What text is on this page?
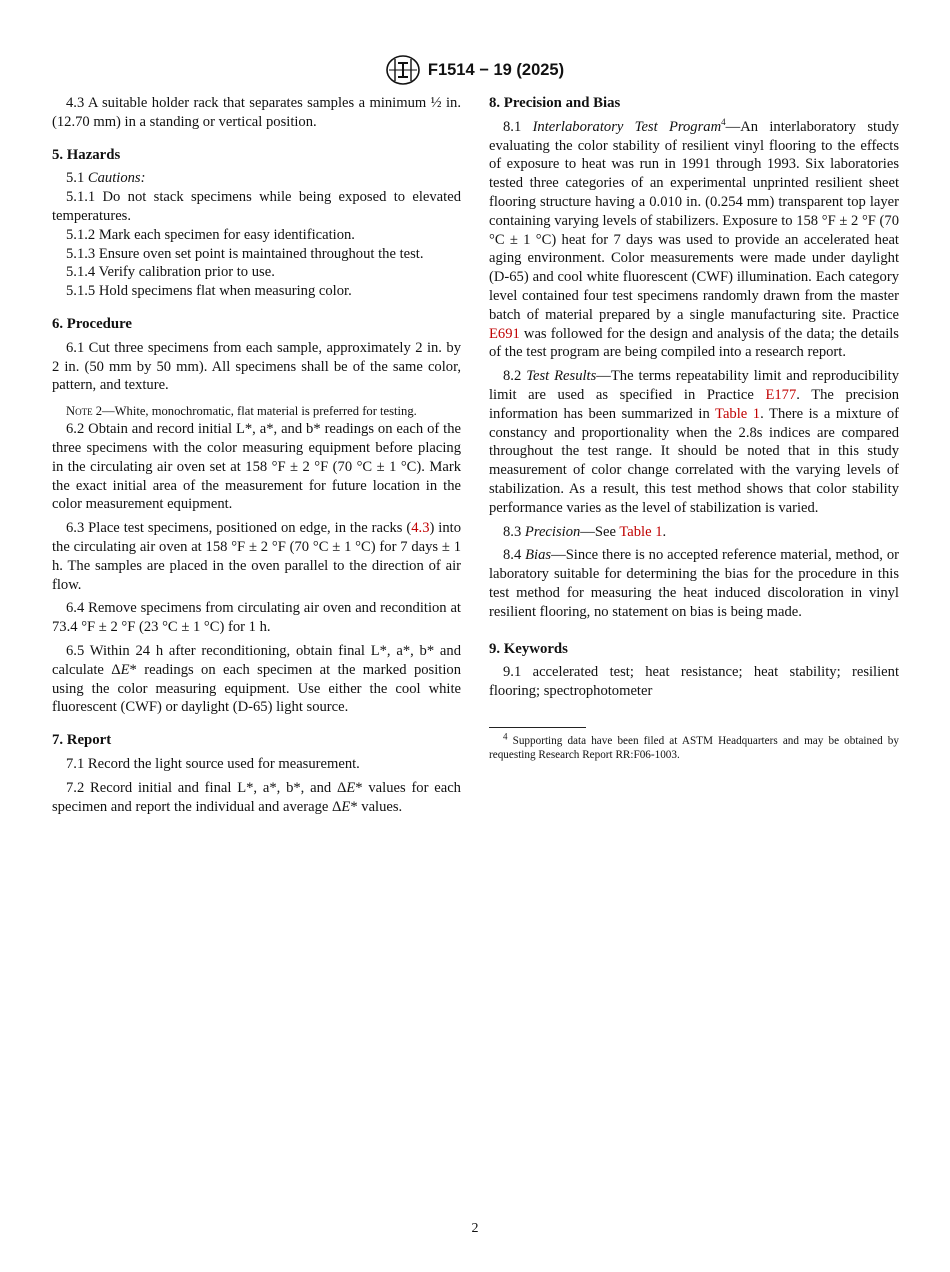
F1514 − 19 (2025)

4.3 A suitable holder rack that separates samples a minimum ½ in. (12.70 mm) in a standing or vertical position.

5. Hazards

5.1 Cautions:

5.1.1 Do not stack specimens while being exposed to elevated temperatures.

5.1.2 Mark each specimen for easy identification.

5.1.3 Ensure oven set point is maintained throughout the test.

5.1.4 Verify calibration prior to use.

5.1.5 Hold specimens flat when measuring color.

6. Procedure

6.1 Cut three specimens from each sample, approximately 2 in. by 2 in. (50 mm by 50 mm). All specimens shall be of the same color, pattern, and texture.

Note 2—White, monochromatic, flat material is preferred for testing.

6.2 Obtain and record initial L*, a*, and b* readings on each of the three specimens with the color measuring equipment before placing in the circulating air oven set at 158 °F ± 2 °F (70 °C ± 1 °C). Mark the exact initial area of the measurement for future location in the color measurement equipment.

6.3 Place test specimens, positioned on edge, in the racks (4.3) into the circulating air oven at 158 °F ± 2 °F (70 °C ± 1 °C) for 7 days ± 1 h. The samples are placed in the oven parallel to the direction of air flow.

6.4 Remove specimens from circulating air oven and recondition at 73.4 °F ± 2 °F (23 °C ± 1 °C) for 1 h.

6.5 Within 24 h after reconditioning, obtain final L*, a*, b* and calculate ΔE* readings on each specimen at the marked position using the color measuring equipment. Use either the cool white fluorescent (CWF) or daylight (D-65) light source.

7. Report

7.1 Record the light source used for measurement.

7.2 Record initial and final L*, a*, b*, and ΔE* values for each specimen and report the individual and average ΔE* values.

8. Precision and Bias

8.1 Interlaboratory Test Program$^4$—An interlaboratory study evaluating the color stability of resilient vinyl flooring to the effects of exposure to heat was run in 1991 through 1993. Six laboratories tested three categories of an experimental unprinted resilient sheet flooring structure having a 0.010 in. (0.254 mm) transparent top layer containing varying levels of stabilizers. Exposure to 158 °F ± 2 °F (70 °C ± 1 °C) heat for 7 days was used to provide an accelerated heat aging environment. Color measurements were made under daylight (D-65) and cool white fluorescent (CWF) illumination. Each category level contained four test specimens randomly drawn from the master batch of material prepared by a single manufacturing site. Practice E691 was followed for the design and analysis of the data; the details of the test program are being compiled into a research report.

8.2 Test Results—The terms repeatability limit and reproducibility limit are used as specified in Practice E177. The precision information has been summarized in Table 1. There is a mixture of constancy and proportionality when the 2.8s indices are compared throughout the test range. It should be noted that in this study measurement of color change correlated with the varying levels of stabilization. As a result, this test method shows that color stability performance varies as the level of stabilization is varied.

8.3 Precision—See Table 1.

8.4 Bias—Since there is no accepted reference material, method, or laboratory suitable for determining the bias for the procedure in this test method for measuring the heat induced discoloration in vinyl resilient flooring, no statement on bias is being made.

9. Keywords

9.1 accelerated test; heat resistance; heat stability; resilient flooring; spectrophotometer

$^4$ Supporting data have been filed at ASTM Headquarters and may be obtained by requesting Research Report RR:F06-1003.

2
